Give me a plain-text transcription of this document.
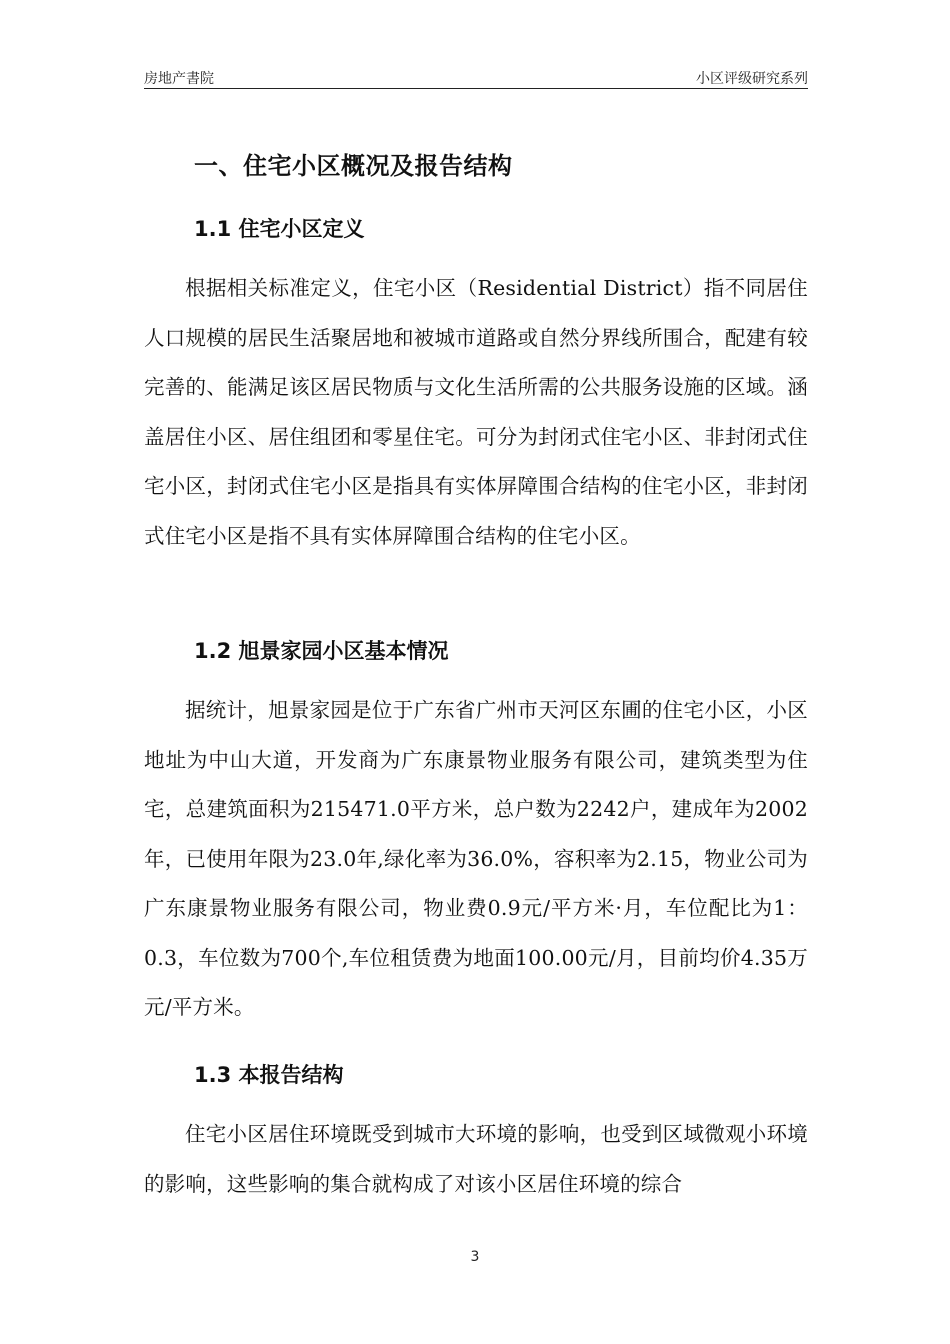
房地产書院	小区评级研究系列
一、住宅小区概况及报告结构
1.1 住宅小区定义
根据相关标准定义，住宅小区（Residential District）指不同居住人口规模的居民生活聚居地和被城市道路或自然分界线所围合，配建有较完善的、能满足该区居民物质与文化生活所需的公共服务设施的区域。涵盖居住小区、居住组团和零星住宅。可分为封闭式住宅小区、非封闭式住宅小区，封闭式住宅小区是指具有实体屏障围合结构的住宅小区，非封闭式住宅小区是指不具有实体屏障围合结构的住宅小区。
1.2 旭景家园小区基本情况
据统计，旭景家园是位于广东省广州市天河区东圃的住宅小区，小区地址为中山大道，开发商为广东康景物业服务有限公司，建筑类型为住宅，总建筑面积为215471.0平方米，总户数为2242户，建成年为2002年，已使用年限为23.0年,绿化率为36.0%，容积率为2.15，物业公司为广东康景物业服务有限公司，物业费0.9元/平方米·月，车位配比为1：0.3，车位数为700个,车位租赁费为地面100.00元/月，目前均价4.35万元/平方米。
1.3 本报告结构
住宅小区居住环境既受到城市大环境的影响，也受到区域微观小环境的影响，这些影响的集合就构成了对该小区居住环境的综合
3
